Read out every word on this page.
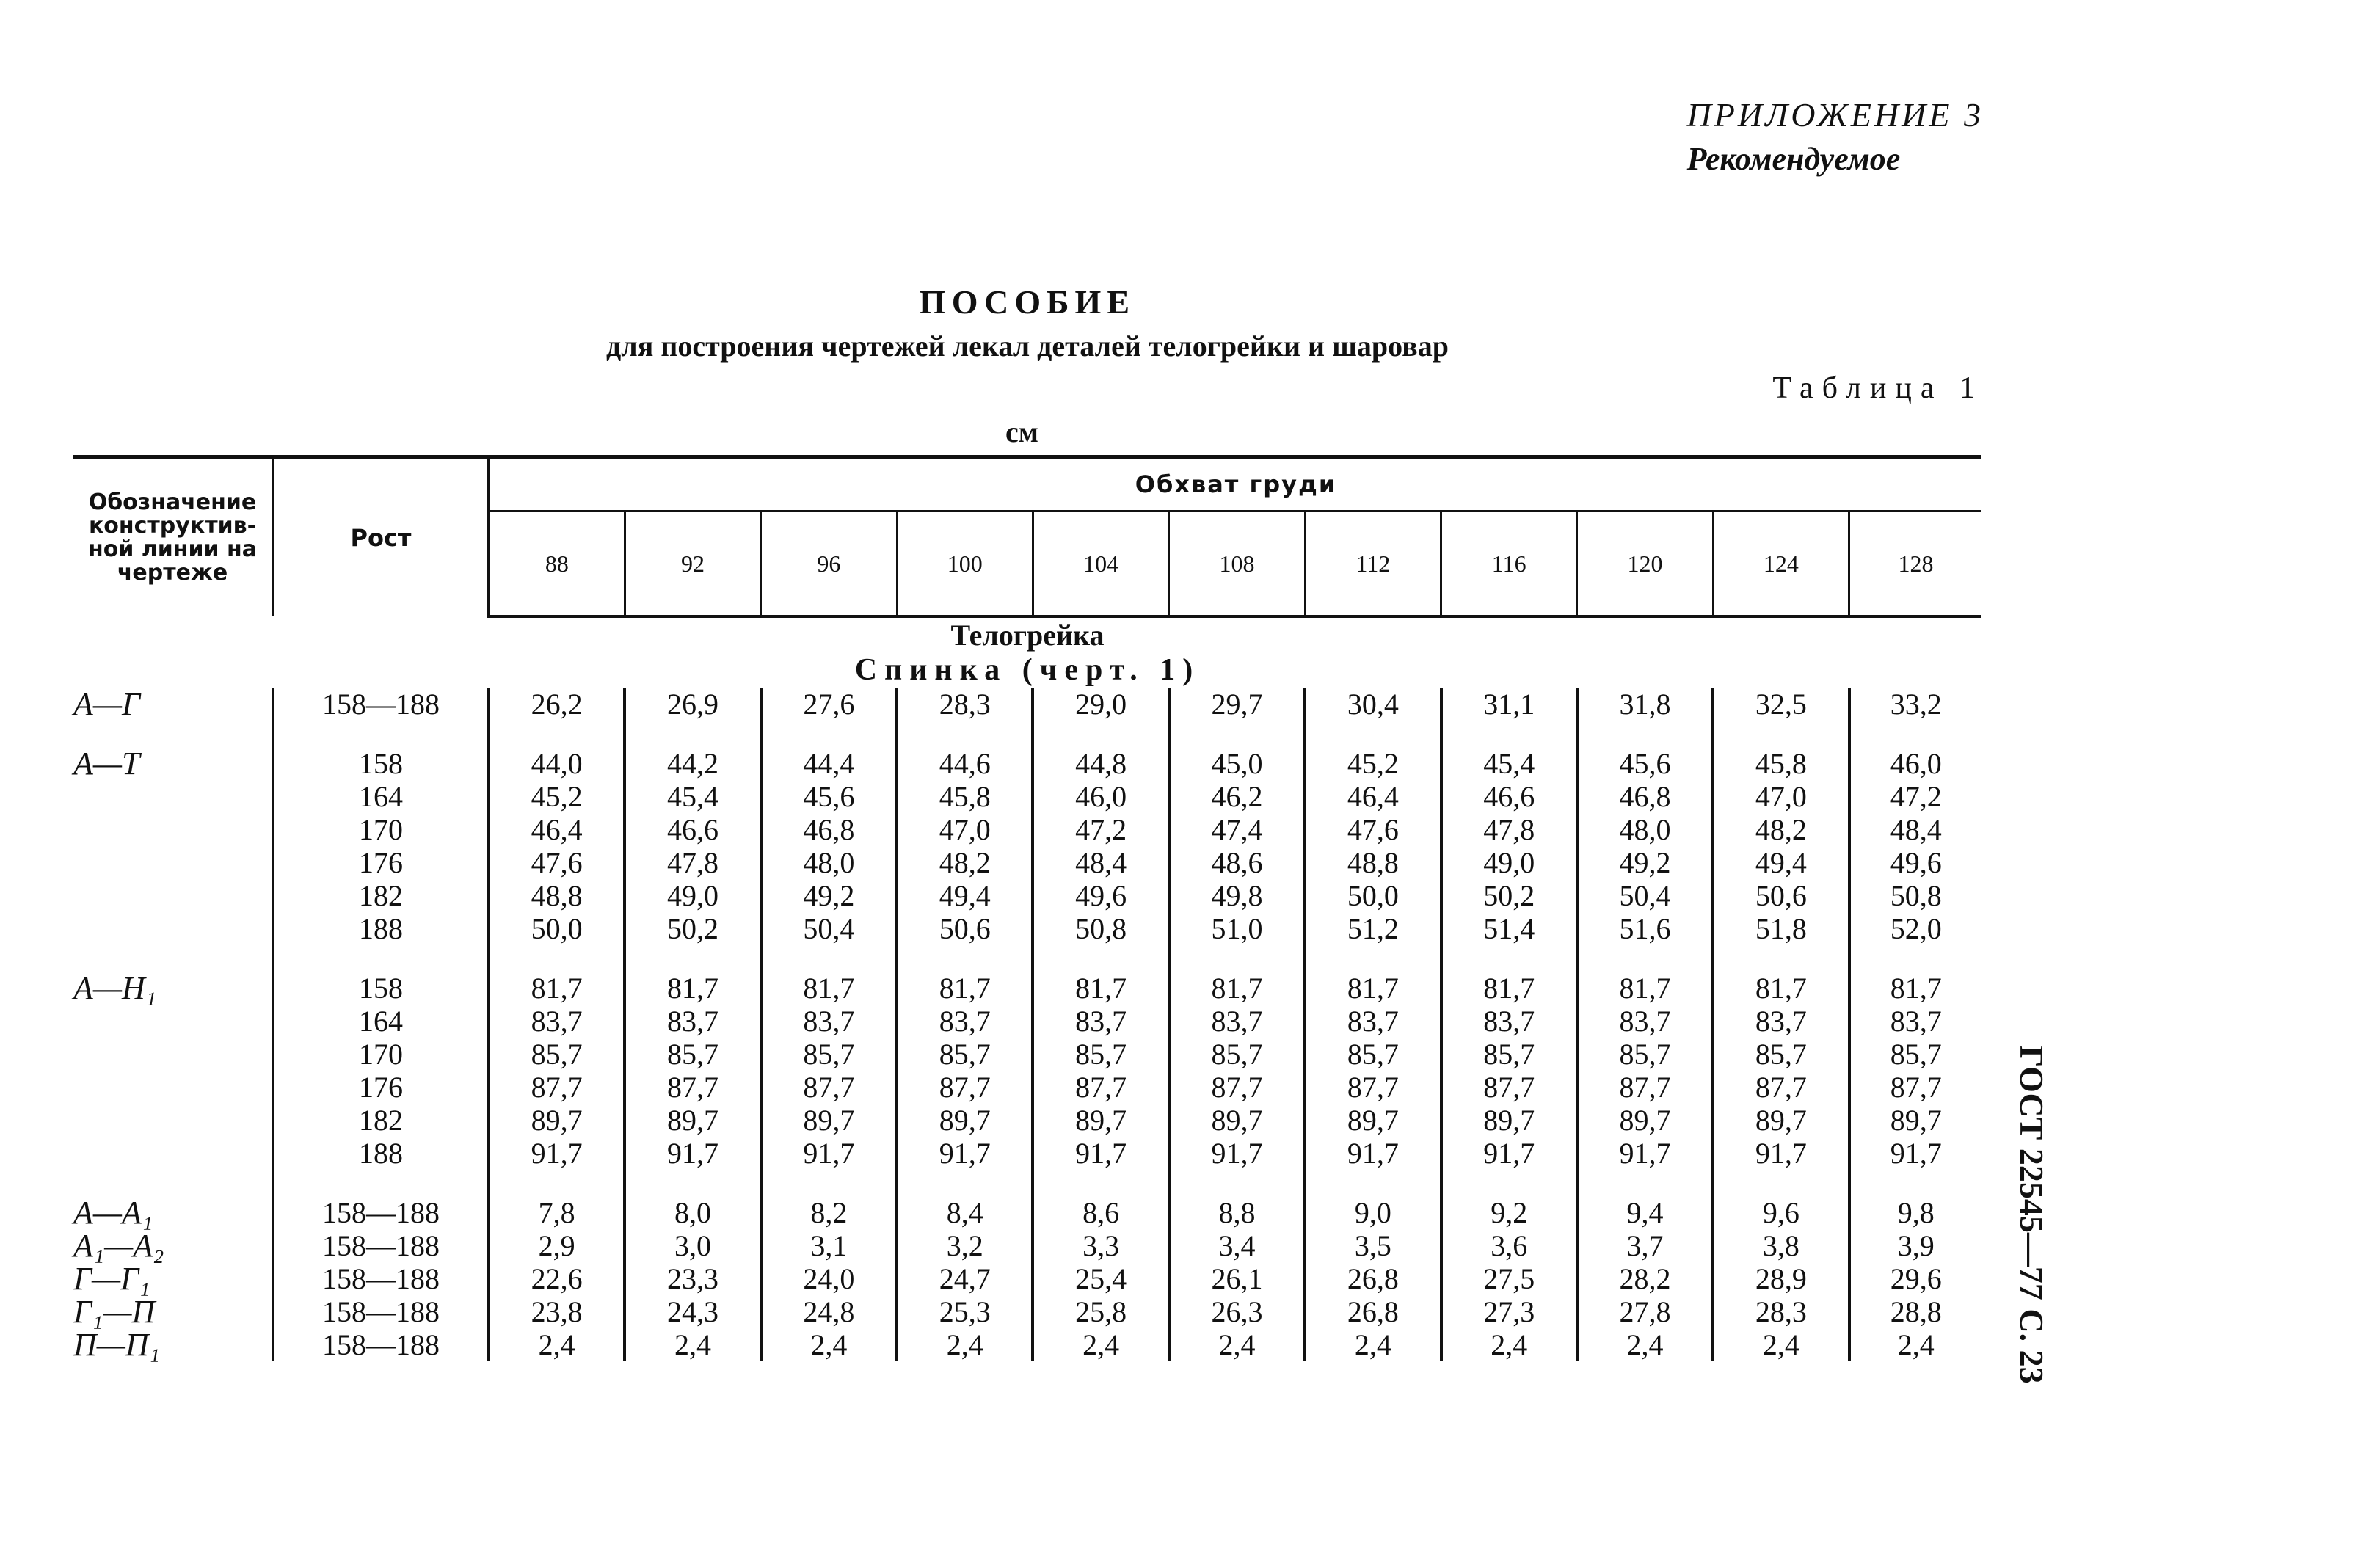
ПРИЛОЖЕНИЕ 3
Рекомендуемое
ПОСОБИЕ
для построения чертежей лекал деталей телогрейки и шаровар
Таблица 1
см
ГОСТ 22545—77 С. 23
Обозначение конструктив-ной линии на чертеже	Рост	Обхват груди										
		88	92	96	100	104	108	112	116	120	124	128
Телогрейка												
Спинка (черт. 1)												
А—Г	158—188	26,2	26,9	27,6	28,3	29,0	29,7	30,4	31,1	31,8	32,5	33,2

А—Т	158	44,0	44,2	44,4	44,6	44,8	45,0	45,2	45,4	45,6	45,8	46,0
	164	45,2	45,4	45,6	45,8	46,0	46,2	46,4	46,6	46,8	47,0	47,2
	170	46,4	46,6	46,8	47,0	47,2	47,4	47,6	47,8	48,0	48,2	48,4
	176	47,6	47,8	48,0	48,2	48,4	48,6	48,8	49,0	49,2	49,4	49,6
	182	48,8	49,0	49,2	49,4	49,6	49,8	50,0	50,2	50,4	50,6	50,8
	188	50,0	50,2	50,4	50,6	50,8	51,0	51,2	51,4	51,6	51,8	52,0

А—Н₁	158	81,7	81,7	81,7	81,7	81,7	81,7	81,7	81,7	81,7	81,7	81,7
	164	83,7	83,7	83,7	83,7	83,7	83,7	83,7	83,7	83,7	83,7	83,7
	170	85,7	85,7	85,7	85,7	85,7	85,7	85,7	85,7	85,7	85,7	85,7
	176	87,7	87,7	87,7	87,7	87,7	87,7	87,7	87,7	87,7	87,7	87,7
	182	89,7	89,7	89,7	89,7	89,7	89,7	89,7	89,7	89,7	89,7	89,7
	188	91,7	91,7	91,7	91,7	91,7	91,7	91,7	91,7	91,7	91,7	91,7

А—А₁	158—188	7,8	8,0	8,2	8,4	8,6	8,8	9,0	9,2	9,4	9,6	9,8
А₁—А₂	158—188	2,9	3,0	3,1	3,2	3,3	3,4	3,5	3,6	3,7	3,8	3,9
Г—Г₁	158—188	22,6	23,3	24,0	24,7	25,4	26,1	26,8	27,5	28,2	28,9	29,6
Г₁—П	158—188	23,8	24,3	24,8	25,3	25,8	26,3	26,8	27,3	27,8	28,3	28,8
П—П₁	158—188	2,4	2,4	2,4	2,4	2,4	2,4	2,4	2,4	2,4	2,4	2,4
